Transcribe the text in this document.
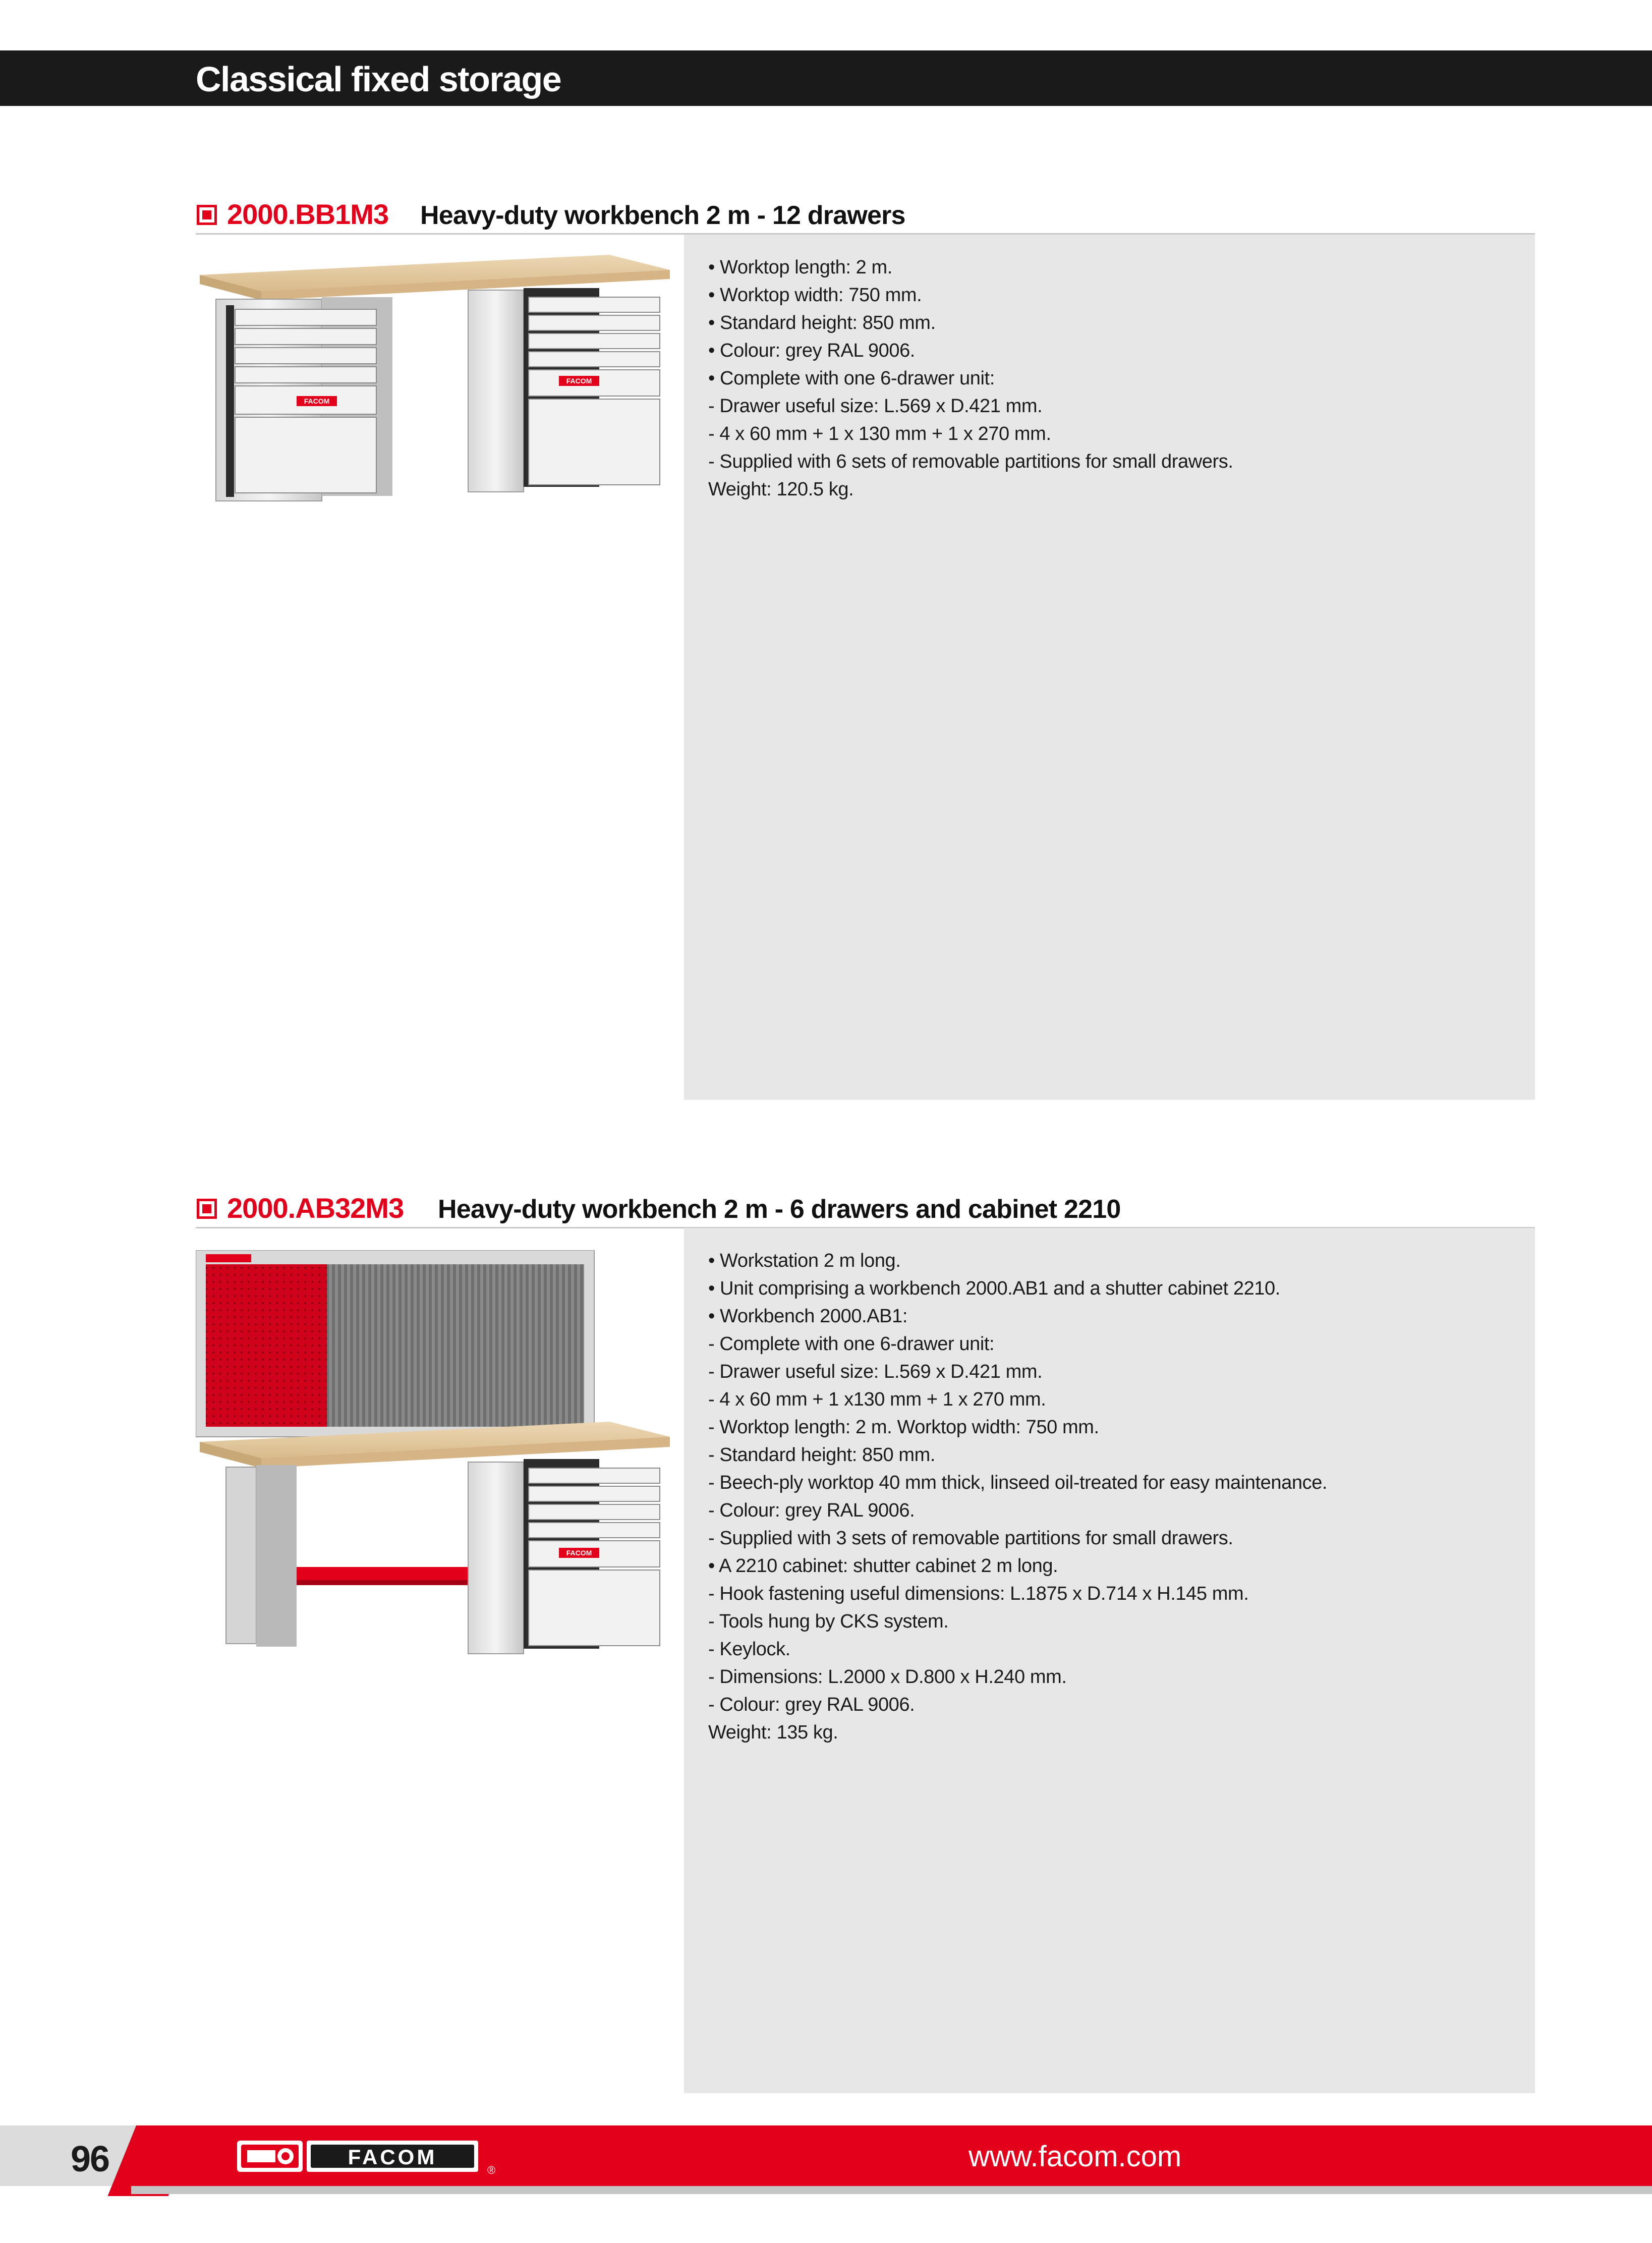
Classical fixed storage
2000.BB1M3 Heavy-duty workbench 2 m - 12 drawers
FACOM
FACOM
• Worktop length: 2 m.
• Worktop width: 750 mm.
• Standard height: 850 mm.
• Colour: grey RAL 9006.
• Complete with one 6-drawer unit:
- Drawer useful size: L.569 x D.421 mm.
- 4 x 60 mm + 1 x 130 mm + 1 x 270 mm.
- Supplied with 6 sets of removable partitions for small drawers.
Weight: 120.5 kg.
2000.AB32M3 Heavy-duty workbench 2 m - 6 drawers and cabinet 2210
FACOM
• Workstation 2 m long.
• Unit comprising a workbench 2000.AB1 and a shutter cabinet 2210.
• Workbench 2000.AB1:
- Complete with one 6-drawer unit:
- Drawer useful size: L.569 x D.421 mm.
- 4 x 60 mm + 1 x130 mm + 1 x 270 mm.
- Worktop length: 2 m. Worktop width: 750 mm.
- Standard height: 850 mm.
- Beech-ply worktop 40 mm thick, linseed oil-treated for easy maintenance.
- Colour: grey RAL 9006.
- Supplied with 3 sets of removable partitions for small drawers.
• A 2210 cabinet: shutter cabinet 2 m long.
- Hook fastening useful dimensions: L.1875 x D.714 x H.145 mm.
- Tools hung by CKS system.
- Keylock.
- Dimensions: L.2000 x D.800 x H.240 mm.
- Colour: grey RAL 9006.
Weight: 135 kg.
96	FACOM
®	www.facom.com
